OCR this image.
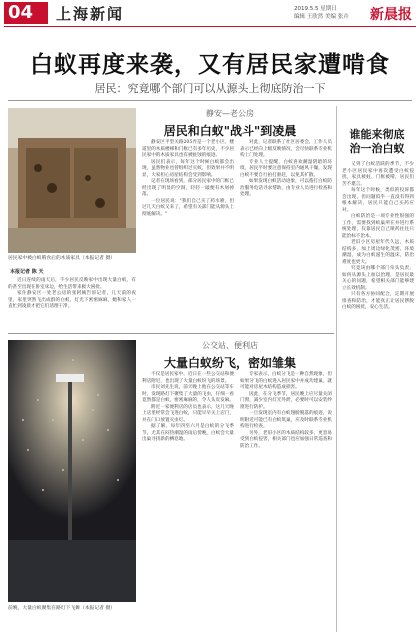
04	上海新闻	2019.5.5 星期日
编辑 王欣然 美编 张卉 新晨报
白蚁再度来袭，又有居民家遭啃食
居民：究竟哪个部门可以从源头上彻底防治一下
静安—老公房
居民和白蚁"战斗"到凌晨
居民家中被白蚁啃食后的木质家具（本报记者 摄）
本报记者 陈 天

近日连续的雨天后，不少居民反映家中出现大量白蚁，有的甚至出现在卧室床边，给生活带来极大困扰。

家住静安区一处老公房的张阿姨告诉记者，几天前的夜里，家里突然飞出成群的白蚁，灯光下密密麻麻，她和家人一直忙到凌晨才把它们清理干净。

静安区平型关路205弄是一个老小区，楼道里的木质楼梯和门框已有多年历史，不少居民家中的木质家具也有被蛀蚀的痕迹。

居民们表示，每年这个时候白蚁都会出现，虽然物业也曾组织过灭蚁，但效果并不明显，大家担心房屋结构会受到影响。

记者在现场看到，部分居民家中的门框已经出现了明显的空洞，轻轻一敲便有木屑掉落。

一位居民说："我们自己买了药水喷，但过几天白蚁又来了，希望有关部门能从源头上彻底解决。"

对此，记者联系了社区居委会，工作人员表示已经向上级反映情况，会尽快联系专业机构上门处理。

专业人士提醒，白蚁喜欢潮湿阴暗的环境，居民平时要注意保持室内通风干燥，发现白蚁不要自行拍打驱赶，以免其扩散。

如果发现白蚁活动迹象，可以拨打白蚁防治服务电话寻求帮助，由专业人员进行检查和处理。

公交站、便利店
大量白蚁纷飞，密如雏集
前晚，大量白蚁聚集在路灯下飞舞（本报记者 摄）

不仅是居民家中，近日在一些公交站和便利店附近，也出现了大量白蚁纷飞的场景。

市民刘先生说，前天晚上他在公交站等车时，发现路灯下聚集了大量的飞虫，仔细一看竟然都是白蚁，密密麻麻的，令人头皮发麻。

附近一家便利店的店员也表示，这几天晚上店里经常会飞进白蚁，只能早早关上店门，并在门口放置灭虫灯。

据了解，每年四至六月是白蚁的分飞季节，尤其在闷热潮湿的雨后傍晚，白蚁会大量出巢寻找新的栖息地。

专家表示，白蚁分飞是一种自然现象，但如果分飞的白蚁进入居民家中并成功建巢，就可能对房屋木结构造成损害。

因此，在分飞季节，居民晚上应尽量关闭门窗，减少室内灯光外泄，必要时可以安装纱窗进行防护。

一旦发现室内有白蚁翅膀脱落的痕迹，说明附近可能已有白蚁筑巢，应及时联系专业机构进行检查。

另外，老旧小区的木质结构较多，更容易受到白蚁侵害，相关部门也应加强日常巡查和防治工作。

谁能来彻底
治一治白蚁

又到了白蚁活跃的季节，不少老小区居民家中再次遭受白蚁侵扰，家具被蛀、门框被啃，居民们苦不堪言。

每年这个时候，类似的投诉都会出现，但问题似乎一直没有得到根本解决，居民只能自己买药应对。

白蚁防治是一项专业性很强的工作，需要找到蚁巢所在并进行系统处理，仅靠居民自己喷药往往只能治标不治本。

老旧小区房屋年代久远，木质结构多，加上周边绿化茂密、环境潮湿，成为白蚁滋生的温床，防治难度也更大。

究竟该由哪个部门牵头负责，如何从源头上加以治理，是居民最关心的问题，希望相关部门能够建立长效机制。

只有各方协同配合，定期开展排查和防治，才能真正让居民摆脱白蚁的困扰，安心生活。
